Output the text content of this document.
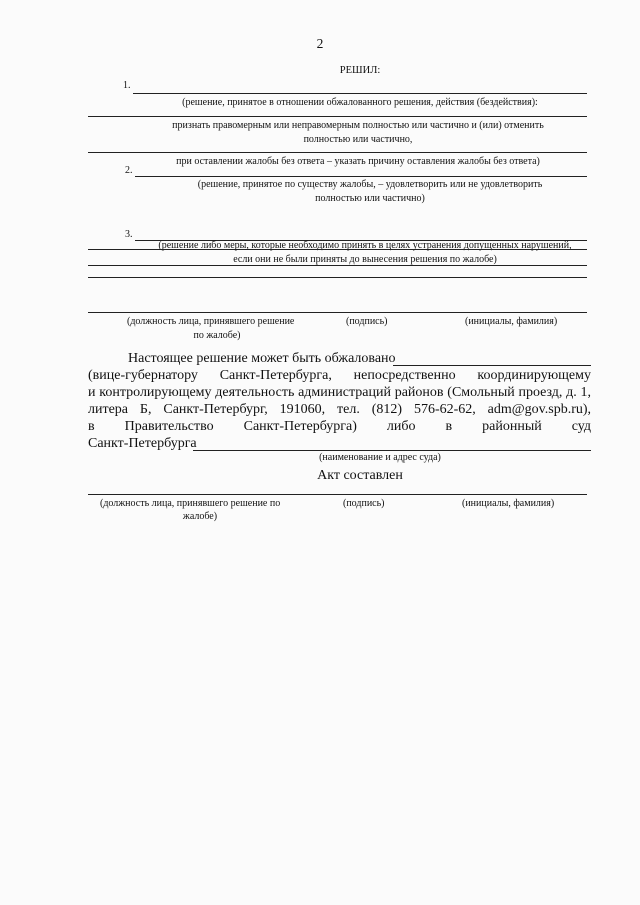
2
РЕШИЛ:
1.
(решение, принятое в отношении обжалованного решения, действия (бездействия):
признать правомерным или неправомерным полностью или частично и (или) отменить
полностью или частично,
при оставлении жалобы без ответа – указать причину оставления жалобы без ответа)
2.
(решение, принятое по существу жалобы, – удовлетворить или не удовлетворить
полностью или частично)
3.
(решение либо меры, которые необходимо принять в целях устранения допущенных нарушений,
если они не были приняты до вынесения решения по жалобе)
(должность лица, принявшего решение
по жалобе)
(подпись)	(инициалы, фамилия)
Настоящее решение может быть обжаловано
(вице-губернатору Санкт-Петербурга, непосредственно координирующему
и контролирующему деятельность администраций районов (Смольный проезд, д. 1,
литера Б, Санкт-Петербург, 191060, тел. (812) 576-62-62, adm@gov.spb.ru),
в Правительство Санкт-Петербурга) либо в районный суд
Санкт-Петербурга
(наименование и адрес суда)
Акт составлен
(должность лица, принявшего решение по
жалобе)
(подпись)	(инициалы, фамилия)
